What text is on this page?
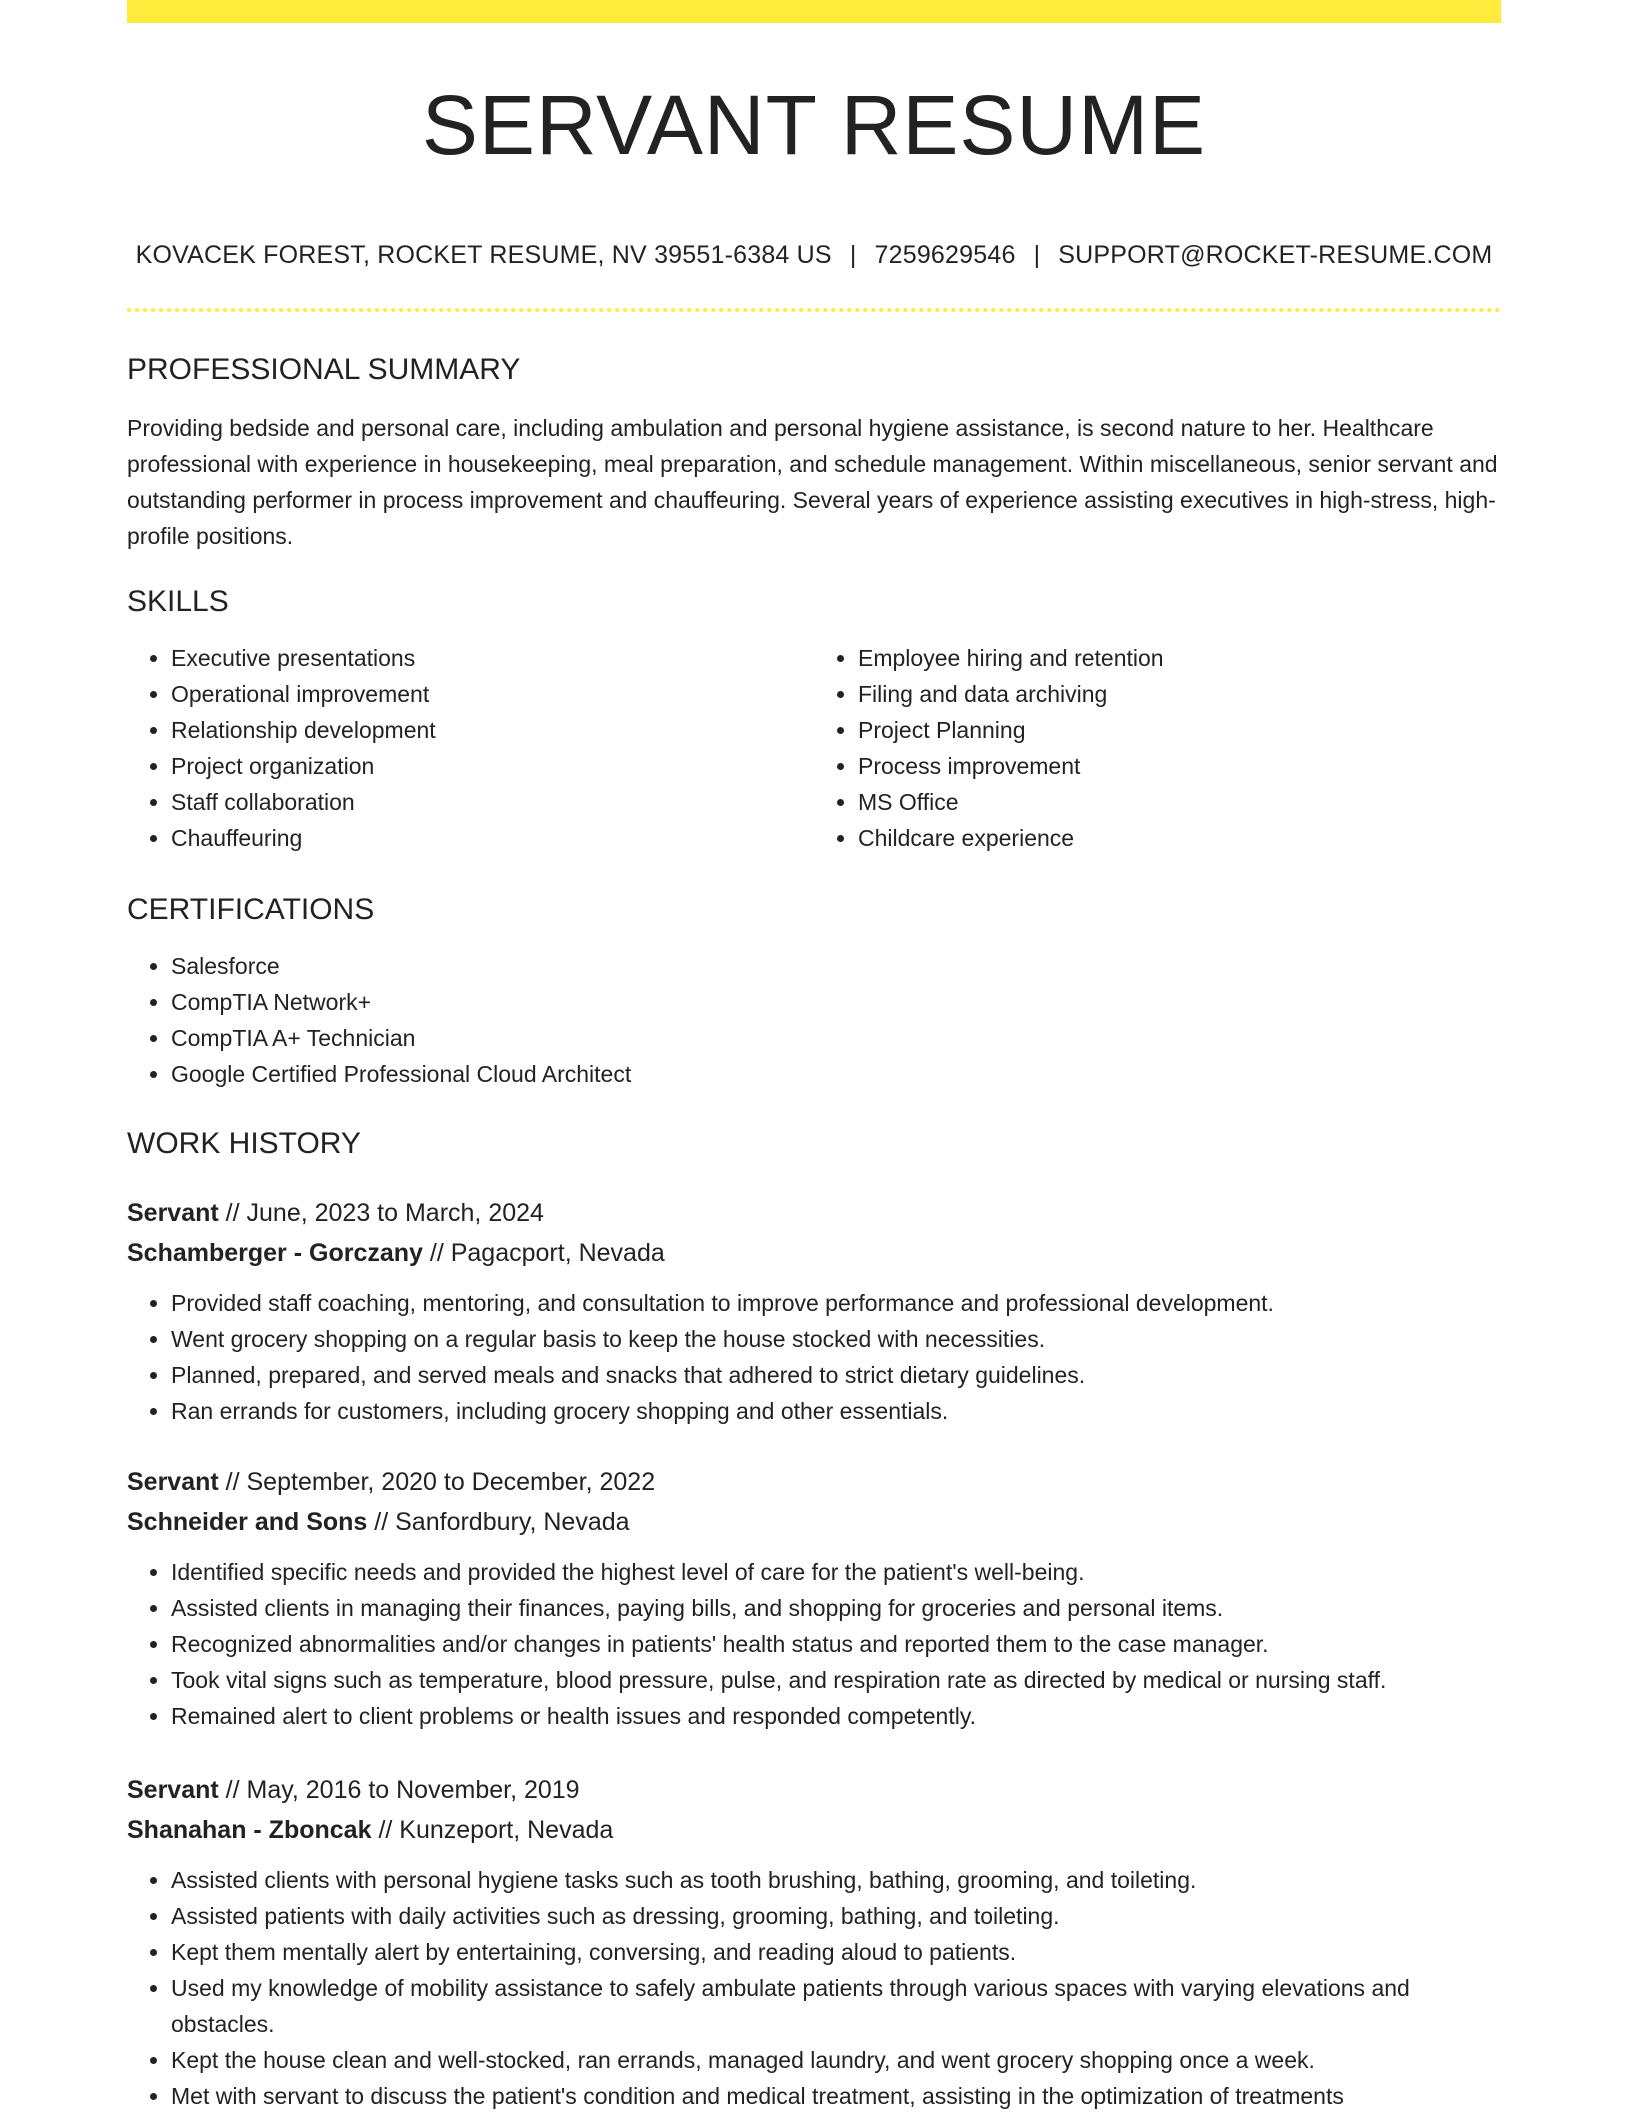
SERVANT RESUME
KOVACEK FOREST, ROCKET RESUME, NV 39551-6384 US | 7259629546 | SUPPORT@ROCKET-RESUME.COM
PROFESSIONAL SUMMARY

Providing bedside and personal care, including ambulation and personal hygiene assistance, is second nature to her. Healthcare professional with experience in housekeeping, meal preparation, and schedule management. Within miscellaneous, senior servant and outstanding performer in process improvement and chauffeuring. Several years of experience assisting executives in high-stress, high-profile positions.

SKILLS
• Executive presentations
• Operational improvement
• Relationship development
• Project organization
• Staff collaboration
• Chauffeuring
• Employee hiring and retention
• Filing and data archiving
• Project Planning
• Process improvement
• MS Office
• Childcare experience
CERTIFICATIONS
• Salesforce
• CompTIA Network+
• CompTIA A+ Technician
• Google Certified Professional Cloud Architect
WORK HISTORY
Servant // June, 2023 to March, 2024
Schamberger - Gorczany // Pagacport, Nevada
• Provided staff coaching, mentoring, and consultation to improve performance and professional development.
• Went grocery shopping on a regular basis to keep the house stocked with necessities.
• Planned, prepared, and served meals and snacks that adhered to strict dietary guidelines.
• Ran errands for customers, including grocery shopping and other essentials.
Servant // September, 2020 to December, 2022
Schneider and Sons // Sanfordbury, Nevada
• Identified specific needs and provided the highest level of care for the patient's well-being.
• Assisted clients in managing their finances, paying bills, and shopping for groceries and personal items.
• Recognized abnormalities and/or changes in patients' health status and reported them to the case manager.
• Took vital signs such as temperature, blood pressure, pulse, and respiration rate as directed by medical or nursing staff.
• Remained alert to client problems or health issues and responded competently.
Servant // May, 2016 to November, 2019
Shanahan - Zboncak // Kunzeport, Nevada
• Assisted clients with personal hygiene tasks such as tooth brushing, bathing, grooming, and toileting.
• Assisted patients with daily activities such as dressing, grooming, bathing, and toileting.
• Kept them mentally alert by entertaining, conversing, and reading aloud to patients.
• Used my knowledge of mobility assistance to safely ambulate patients through various spaces with varying elevations and obstacles.
• Kept the house clean and well-stocked, ran errands, managed laundry, and went grocery shopping once a week.
• Met with servant to discuss the patient's condition and medical treatment, assisting in the optimization of treatments
